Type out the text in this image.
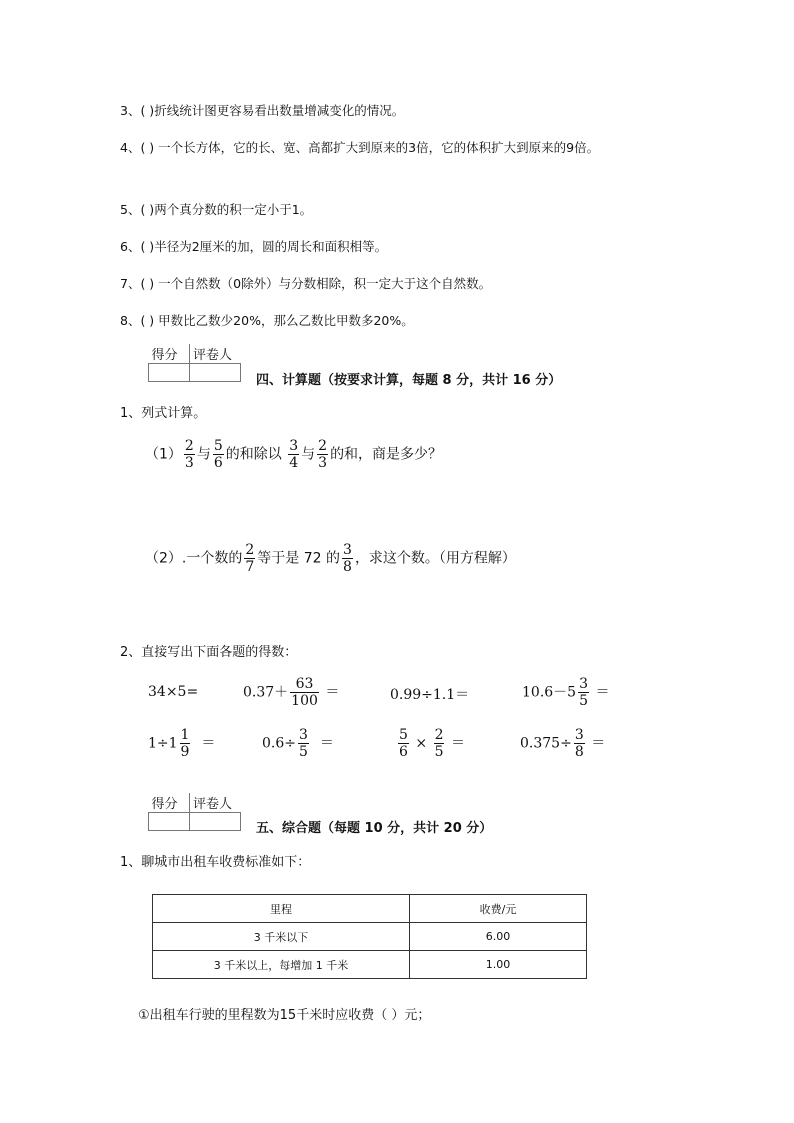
3、( )折线统计图更容易看出数量增减变化的情况。
4、( ) 一个长方体，它的长、宽、高都扩大到原来的3倍，它的体积扩大到原来的9倍。
5、( )两个真分数的积一定小于1。
6、( )半径为2厘米的加，圆的周长和面积相等。
7、( ) 一个自然数（0除外）与分数相除，积一定大于这个自然数。
8、( ) 甲数比乙数少20%，那么乙数比甲数多20%。
得分	评卷人

四、计算题（按要求计算，每题 8 分，共计 16 分）
1、列式计算。
$(1) \frac{2}{3}$ 与 $\frac{5}{6}$ 的和除以 $\frac{3}{4}$ 与 $\frac{2}{3}$ 的和，商是多少？
（2）.一个数的 $\frac{2}{7}$ 等于是 72 的 $\frac{3}{8}$ ，求这个数。（用方程解）
2、直接写出下面各题的得数：
34×5=	$0.37+ \frac{63}{100}$ ＝	0.99÷1.1＝	$10.6-5 \frac{3}{5}$ ＝
$1\div 1 \frac{1}{9}$ ＝	$0.6\div \frac{3}{5}$ ＝	$\frac{5}{6} \times \frac{2}{5}$ ＝	$0.375\div \frac{3}{8}$ ＝
得分	评卷人

五、综合题（每题 10 分，共计 20 分）
1、聊城市出租车收费标准如下：
里程	收费/元
3 千米以下	6.00
3 千米以上，每增加 1 千米	1.00
①出租车行驶的里程数为15千米时应收费（ ）元；
